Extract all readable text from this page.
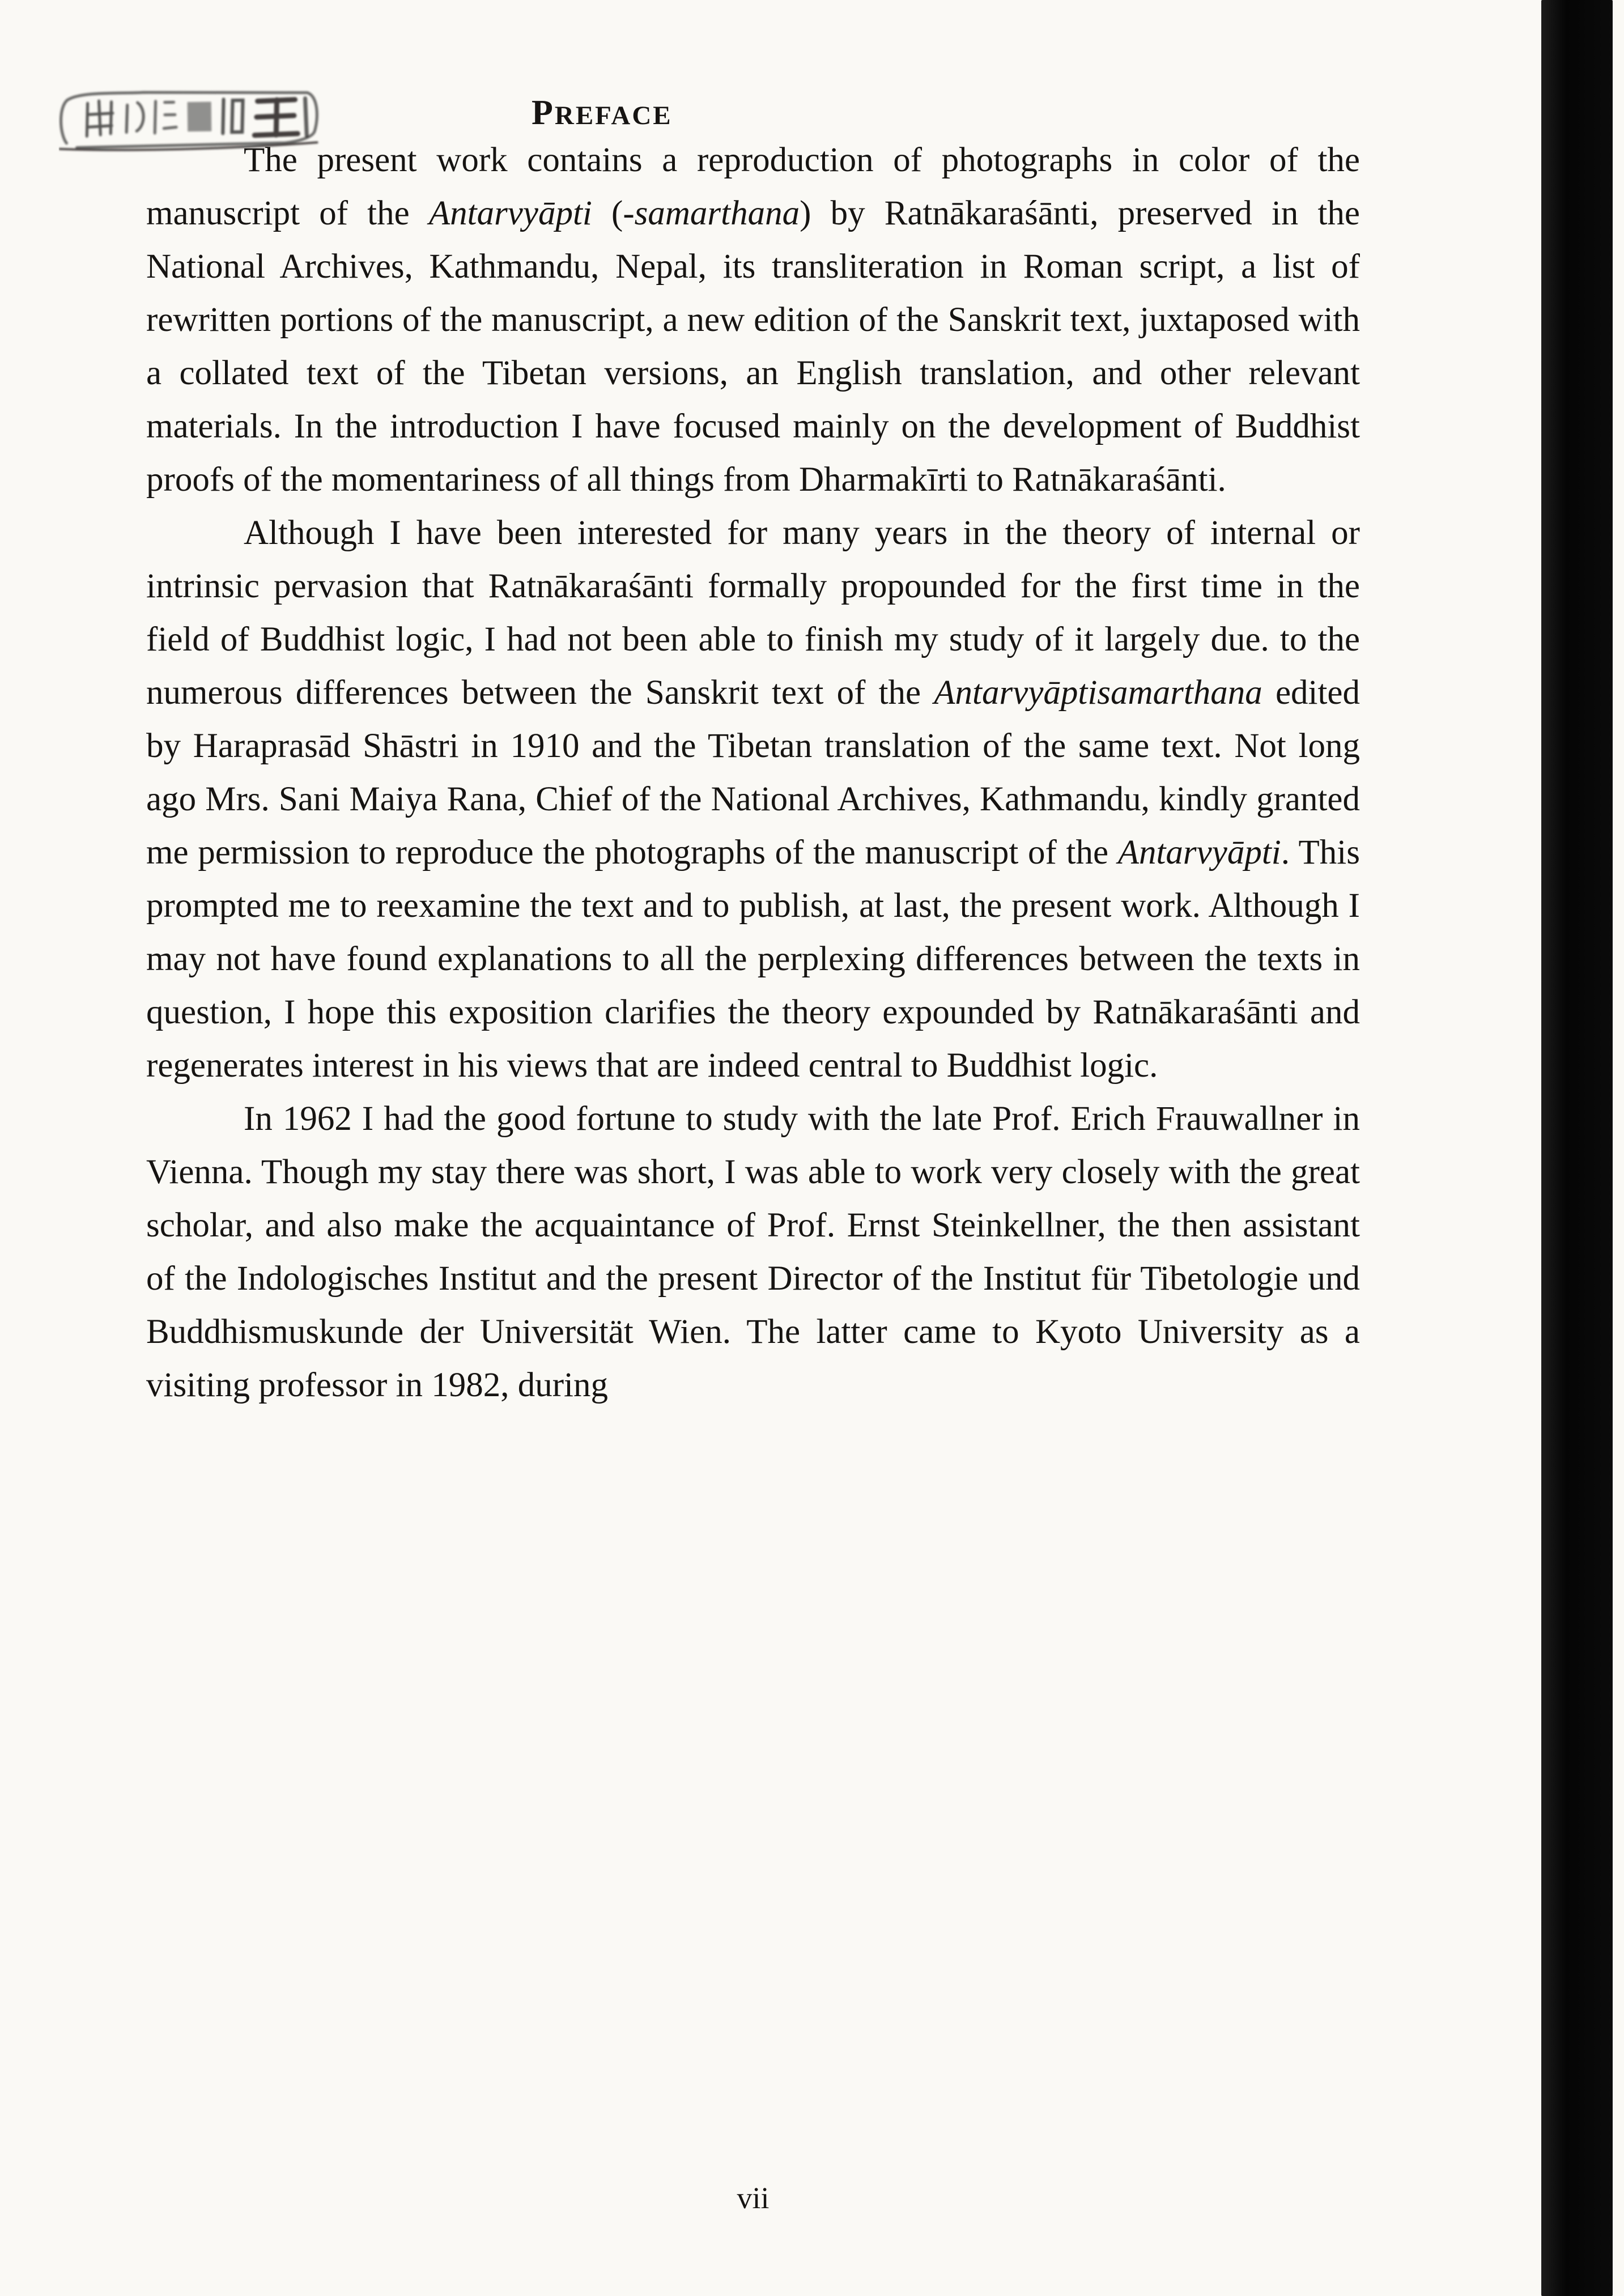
PREFACE

The present work contains a reproduction of photographs in color of the manuscript of the Antarvyāpti (-samarthana) by Ratnākaraśānti, preserved in the National Archives, Kathmandu, Nepal, its transliteration in Roman script, a list of rewritten portions of the manuscript, a new edition of the Sanskrit text, juxtaposed with a collated text of the Tibetan versions, an English translation, and other relevant materials. In the introduction I have focused mainly on the development of Buddhist proofs of the momentariness of all things from Dharmakīrti to Ratnākaraśānti.

Although I have been interested for many years in the theory of internal or intrinsic pervasion that Ratnākaraśānti formally propounded for the first time in the field of Buddhist logic, I had not been able to finish my study of it largely due. to the numerous differences between the Sanskrit text of the Antarvyāptisamarthana edited by Haraprasād Shāstri in 1910 and the Tibetan translation of the same text. Not long ago Mrs. Sani Maiya Rana, Chief of the National Archives, Kathmandu, kindly granted me permission to reproduce the photographs of the manuscript of the Antarvyāpti. This prompted me to reexamine the text and to publish, at last, the present work. Although I may not have found explanations to all the perplexing differences between the texts in question, I hope this exposition clarifies the theory expounded by Ratnākaraśānti and regenerates interest in his views that are indeed central to Buddhist logic.

In 1962 I had the good fortune to study with the late Prof. Erich Frauwallner in Vienna. Though my stay there was short, I was able to work very closely with the great scholar, and also make the acquaintance of Prof. Ernst Steinkellner, the then assistant of the Indologisches Institut and the present Director of the Institut für Tibetologie und Buddhismuskunde der Universität Wien. The latter came to Kyoto University as a visiting professor in 1982, during

vii
